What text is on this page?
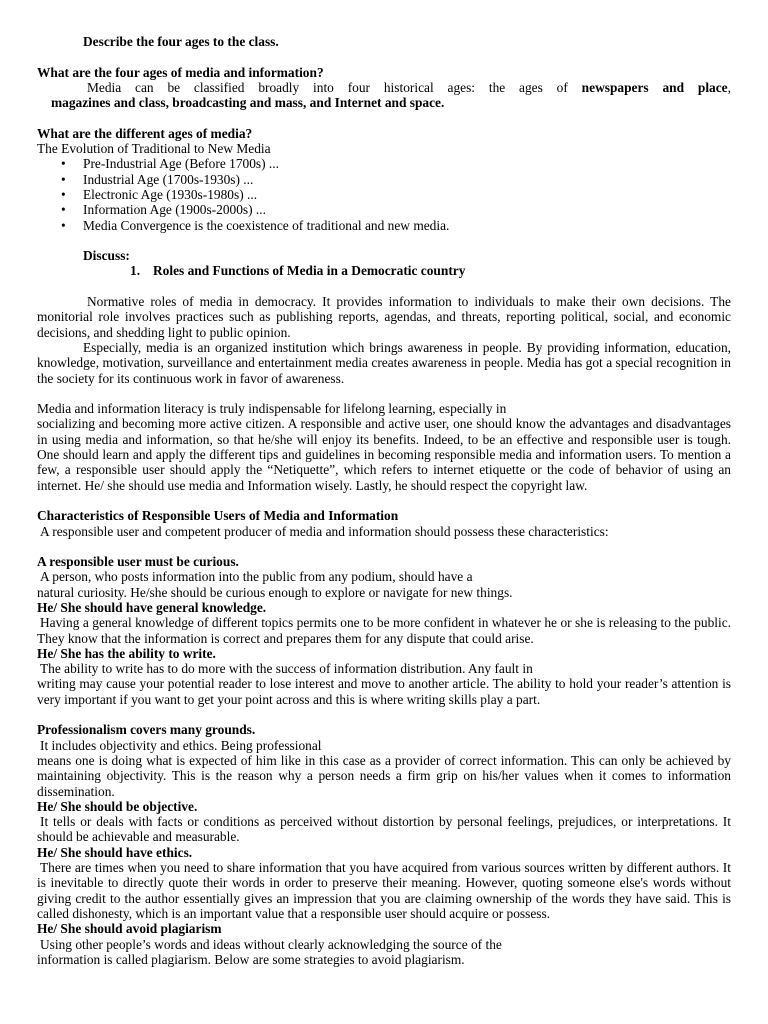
Describe the four ages to the class.

What are the four ages of media and information?

Media can be classified broadly into four historical ages: the ages of newspapers and place,

magazines and class, broadcasting and mass, and Internet and space.

What are the different ages of media?

The Evolution of Traditional to New Media

• Pre-Industrial Age (Before 1700s) ...
• Industrial Age (1700s-1930s) ...
• Electronic Age (1930s-1980s) ...
• Information Age (1900s-2000s) ...
• Media Convergence is the coexistence of traditional and new media.

Discuss:

1. Roles and Functions of Media in a Democratic country

Normative roles of media in democracy. It provides information to individuals to make their own decisions. The monitorial role involves practices such as publishing reports, agendas, and threats, reporting political, social, and economic decisions, and shedding light to public opinion.

Especially, media is an organized institution which brings awareness in people. By providing information, education, knowledge, motivation, surveillance and entertainment media creates awareness in people. Media has got a special recognition in the society for its continuous work in favor of awareness.

Media and information literacy is truly indispensable for lifelong learning, especially in

socializing and becoming more active citizen. A responsible and active user, one should know the advantages and disadvantages in using media and information, so that he/she will enjoy its benefits. Indeed, to be an effective and responsible user is tough. One should learn and apply the different tips and guidelines in becoming responsible media and information users. To mention a few, a responsible user should apply the “Netiquette”, which refers to internet etiquette or the code of behavior of using an internet. He/ she should use media and Information wisely. Lastly, he should respect the copyright law.

Characteristics of Responsible Users of Media and Information

A responsible user and competent producer of media and information should possess these characteristics:

A responsible user must be curious.

A person, who posts information into the public from any podium, should have a

natural curiosity. He/she should be curious enough to explore or navigate for new things.

He/ She should have general knowledge.

Having a general knowledge of different topics permits one to be more confident in whatever he or she is releasing to the public. They know that the information is correct and prepares them for any dispute that could arise.

He/ She has the ability to write.

The ability to write has to do more with the success of information distribution. Any fault in

writing may cause your potential reader to lose interest and move to another article. The ability to hold your reader’s attention is very important if you want to get your point across and this is where writing skills play a part.

Professionalism covers many grounds.

It includes objectivity and ethics. Being professional

means one is doing what is expected of him like in this case as a provider of correct information. This can only be achieved by maintaining objectivity. This is the reason why a person needs a firm grip on his/her values when it comes to information dissemination.

He/ She should be objective.

It tells or deals with facts or conditions as perceived without distortion by personal feelings, prejudices, or interpretations. It should be achievable and measurable.

He/ She should have ethics.

There are times when you need to share information that you have acquired from various sources written by different authors. It is inevitable to directly quote their words in order to preserve their meaning. However, quoting someone else's words without giving credit to the author essentially gives an impression that you are claiming ownership of the words they have said. This is called dishonesty, which is an important value that a responsible user should acquire or possess.

He/ She should avoid plagiarism

Using other people’s words and ideas without clearly acknowledging the source of the

information is called plagiarism. Below are some strategies to avoid plagiarism.
